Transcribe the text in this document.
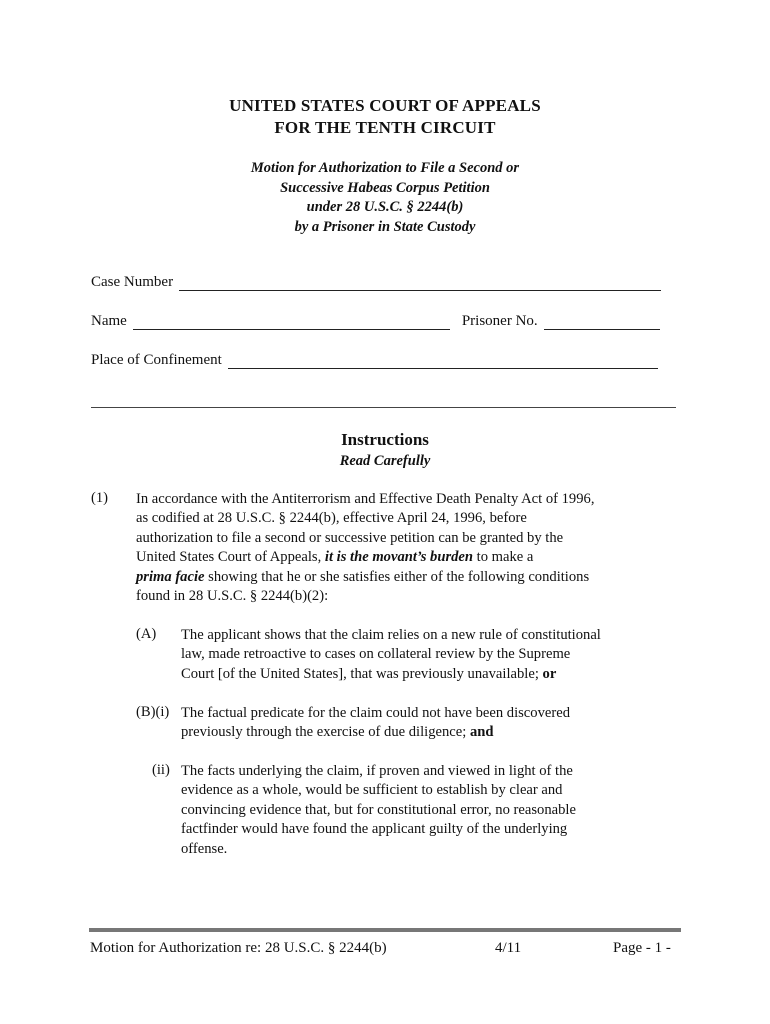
UNITED STATES COURT OF APPEALS
FOR THE TENTH CIRCUIT
Motion for Authorization to File a Second or
Successive Habeas Corpus Petition
under 28 U.S.C. § 2244(b)
by a Prisoner in State Custody
Case Number
Name	Prisoner No.
Place of Confinement
Instructions
Read Carefully
(1) In accordance with the Antiterrorism and Effective Death Penalty Act of 1996,
as codified at 28 U.S.C. § 2244(b), effective April 24, 1996, before
authorization to file a second or successive petition can be granted by the
United States Court of Appeals, it is the movant’s burden to make a
prima facie showing that he or she satisfies either of the following conditions
found in 28 U.S.C. § 2244(b)(2):
(A) The applicant shows that the claim relies on a new rule of constitutional
law, made retroactive to cases on collateral review by the Supreme
Court [of the United States], that was previously unavailable; or
(B)(i) The factual predicate for the claim could not have been discovered
previously through the exercise of due diligence; and
(ii) The facts underlying the claim, if proven and viewed in light of the
evidence as a whole, would be sufficient to establish by clear and
convincing evidence that, but for constitutional error, no reasonable
factfinder would have found the applicant guilty of the underlying
offense.
Motion for Authorization re: 28 U.S.C. § 2244(b)	4/11	Page - 1 -
